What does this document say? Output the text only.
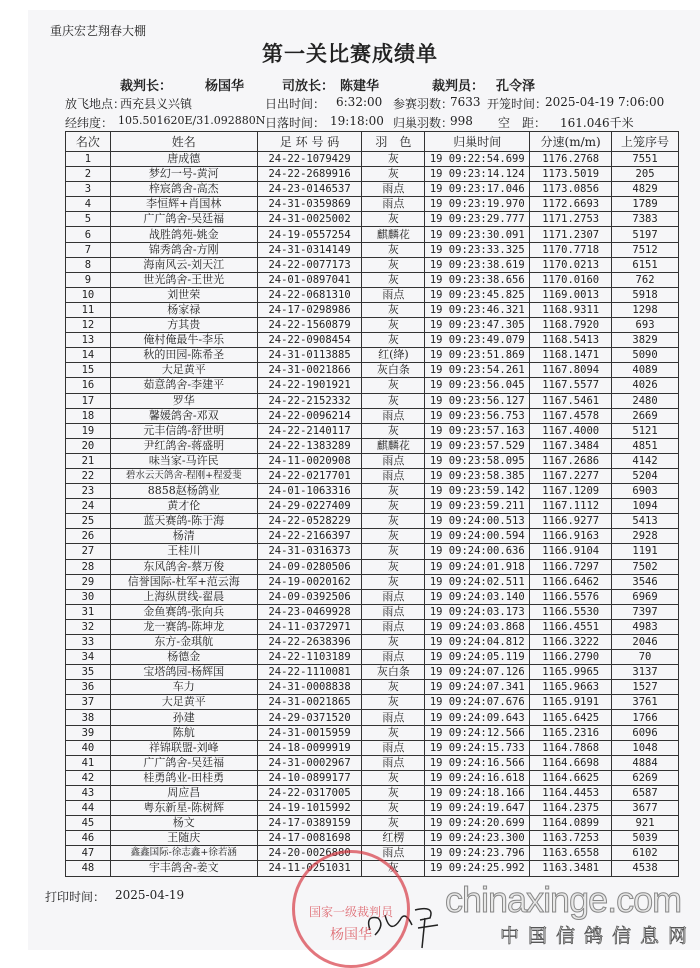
重庆宏艺翔春大棚
第一关比赛成绩单
裁判长：	杨国华	司放长： 陈建华	裁判员： 孔令泽
放飞地点：
西充县义兴镇	日出时间： 6:32:00 参赛羽数：
7633 开笼时间：
2025-04-19 7:06:00
经纬度： 105.501620E/31.092880N 日落时间： 19:18:00 归巢羽数：
998 空　距： 161.046千米
名次	姓名	足 环 号 码	羽　色	归巢时间	分速(m/m)	上笼序号
1	唐成德	24-22-1079429	灰	19 09:22:54.699	1176.2768	7551
2	梦幻一号-黄河	24-22-2689916	灰	19 09:23:14.124	1173.5019	205
3	梓宸鸽舍-高杰	24-23-0146537	雨点	19 09:23:17.046	1173.0856	4829
4	李恒辉+肖国林	24-31-0359869	雨点	19 09:23:19.970	1172.6693	1789
5	广广鸽舍-吴廷福	24-31-0025002	灰	19 09:23:29.777	1171.2753	7383
6	战胜鸽苑-姚金	24-19-0557254	麒麟花	19 09:23:30.091	1171.2307	5197
7	锦秀鸽舍-方刚	24-31-0314149	灰	19 09:23:33.325	1170.7718	7512
8	海南风云-刘天江	24-22-0077173	灰	19 09:23:38.619	1170.0213	6151
9	世光鸽舍-王世光	24-01-0897041	灰	19 09:23:38.656	1170.0160	762
10	刘世荣	24-22-0681310	雨点	19 09:23:45.825	1169.0013	5918
11	杨家禄	24-17-0298986	灰	19 09:23:46.321	1168.9311	1298
12	方其贵	24-22-1560879	灰	19 09:23:47.305	1168.7920	693
13	俺村俺最牛-李乐	24-22-0908454	灰	19 09:23:49.079	1168.5413	3829
14	秋的田园-陈希圣	24-31-0113885	红(绛)	19 09:23:51.869	1168.1471	5090
15	大足黄平	24-31-0021866	灰白条	19 09:23:54.261	1167.8094	4089
16	茹意鸽舍-李建平	24-22-1901921	灰	19 09:23:56.045	1167.5577	4026
17	罗华	24-22-2152332	灰	19 09:23:56.127	1167.5461	2480
18	馨媛鸽舍-邓双	24-22-0096214	雨点	19 09:23:56.753	1167.4578	2669
19	元丰信鸽-舒世明	24-22-2140117	灰	19 09:23:57.163	1167.4000	5121
20	尹红鸽舍-蒋盛明	24-22-1383289	麒麟花	19 09:23:57.529	1167.3484	4851
21	味当家-马许民	24-11-0020908	雨点	19 09:23:58.095	1167.2686	4142
22	碧水云天鸽舍-程刚+程爱斐	24-22-0217701	雨点	19 09:23:58.385	1167.2277	5204
23	8858赵杨鸽业	24-01-1063316	灰	19 09:23:59.142	1167.1209	6903
24	黄才伦	24-29-0227409	灰	19 09:23:59.211	1167.1112	1094
25	蓝天赛鸽-陈于海	24-22-0528229	灰	19 09:24:00.513	1166.9277	5413
26	杨清	24-22-2166397	灰	19 09:24:00.594	1166.9163	2928
27	王桂川	24-31-0316373	灰	19 09:24:00.636	1166.9104	1191
28	东风鸽舍-蔡万俊	24-09-0280506	灰	19 09:24:01.918	1166.7297	7502
29	信誉国际-杜军+范云海	24-19-0020162	灰	19 09:24:02.511	1166.6462	3546
30	上海纵贯线-翟晨	24-09-0392506	雨点	19 09:24:03.140	1166.5576	6969
31	金鱼赛鸽-张向兵	24-23-0469928	雨点	19 09:24:03.173	1166.5530	7397
32	龙一赛鸽-陈坤龙	24-11-0372971	雨点	19 09:24:03.868	1166.4551	4983
33	东方-金琪航	24-22-2638396	灰	19 09:24:04.812	1166.3222	2046
34	杨德金	24-22-1103189	雨点	19 09:24:05.119	1166.2790	70
35	宝塔鸽园-杨辉国	24-22-1110081	灰白条	19 09:24:07.126	1165.9965	3137
36	车力	24-31-0008838	灰	19 09:24:07.341	1165.9663	1527
37	大足黄平	24-31-0021865	灰	19 09:24:07.676	1165.9191	3761
38	孙建	24-29-0371520	雨点	19 09:24:09.643	1165.6425	1766
39	陈航	24-31-0015959	灰	19 09:24:12.566	1165.2316	6096
40	祥锦联盟-刘峰	24-18-0099919	雨点	19 09:24:15.733	1164.7868	1048
41	广广鸽舍-吴廷福	24-31-0002967	雨点	19 09:24:16.566	1164.6698	4884
42	桂勇鸽业-田桂勇	24-10-0899177	灰	19 09:24:16.618	1164.6625	6269
43	周应昌	24-22-0317005	灰	19 09:24:18.166	1164.4453	6587
44	粤东新星-陈树辉	24-19-1015992	灰	19 09:24:19.647	1164.2375	3677
45	杨文	24-17-0389159	灰	19 09:24:20.699	1164.0899	921
46	王随庆	24-17-0081698	红楞	19 09:24:23.300	1163.7253	5039
47	鑫鑫国际-徐志鑫+徐若涵	24-20-0026880	雨点	19 09:24:23.796	1163.6558	6102
48	宇丰鸽舍-姜文	24-11-0251031	灰	19 09:24:25.992	1163.3481	4538
打印时间： 2025-04-19
国家一级裁判员
杨国华
chinaxinge.com
中国信鸽信息网
